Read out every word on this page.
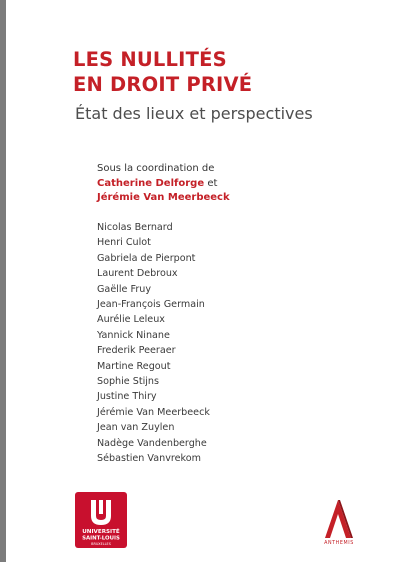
LES NULLITÉS
EN DROIT PRIVÉ

État des lieux et perspectives

Sous la coordination de
Catherine Delforge et
Jérémie Van Meerbeeck
Nicolas Bernard
Henri Culot
Gabriela de Pierpont
Laurent Debroux
Gaëlle Fruy
Jean-François Germain
Aurélie Leleux
Yannick Ninane
Frederik Peeraer
Martine Regout
Sophie Stijns
Justine Thiry
Jérémie Van Meerbeeck
Jean van Zuylen
Nadège Vandenberghe
Sébastien Vanvrekom
UNIVERSITÉ
SAINT-LOUIS
BRUXELLES	ANTHEMIS
